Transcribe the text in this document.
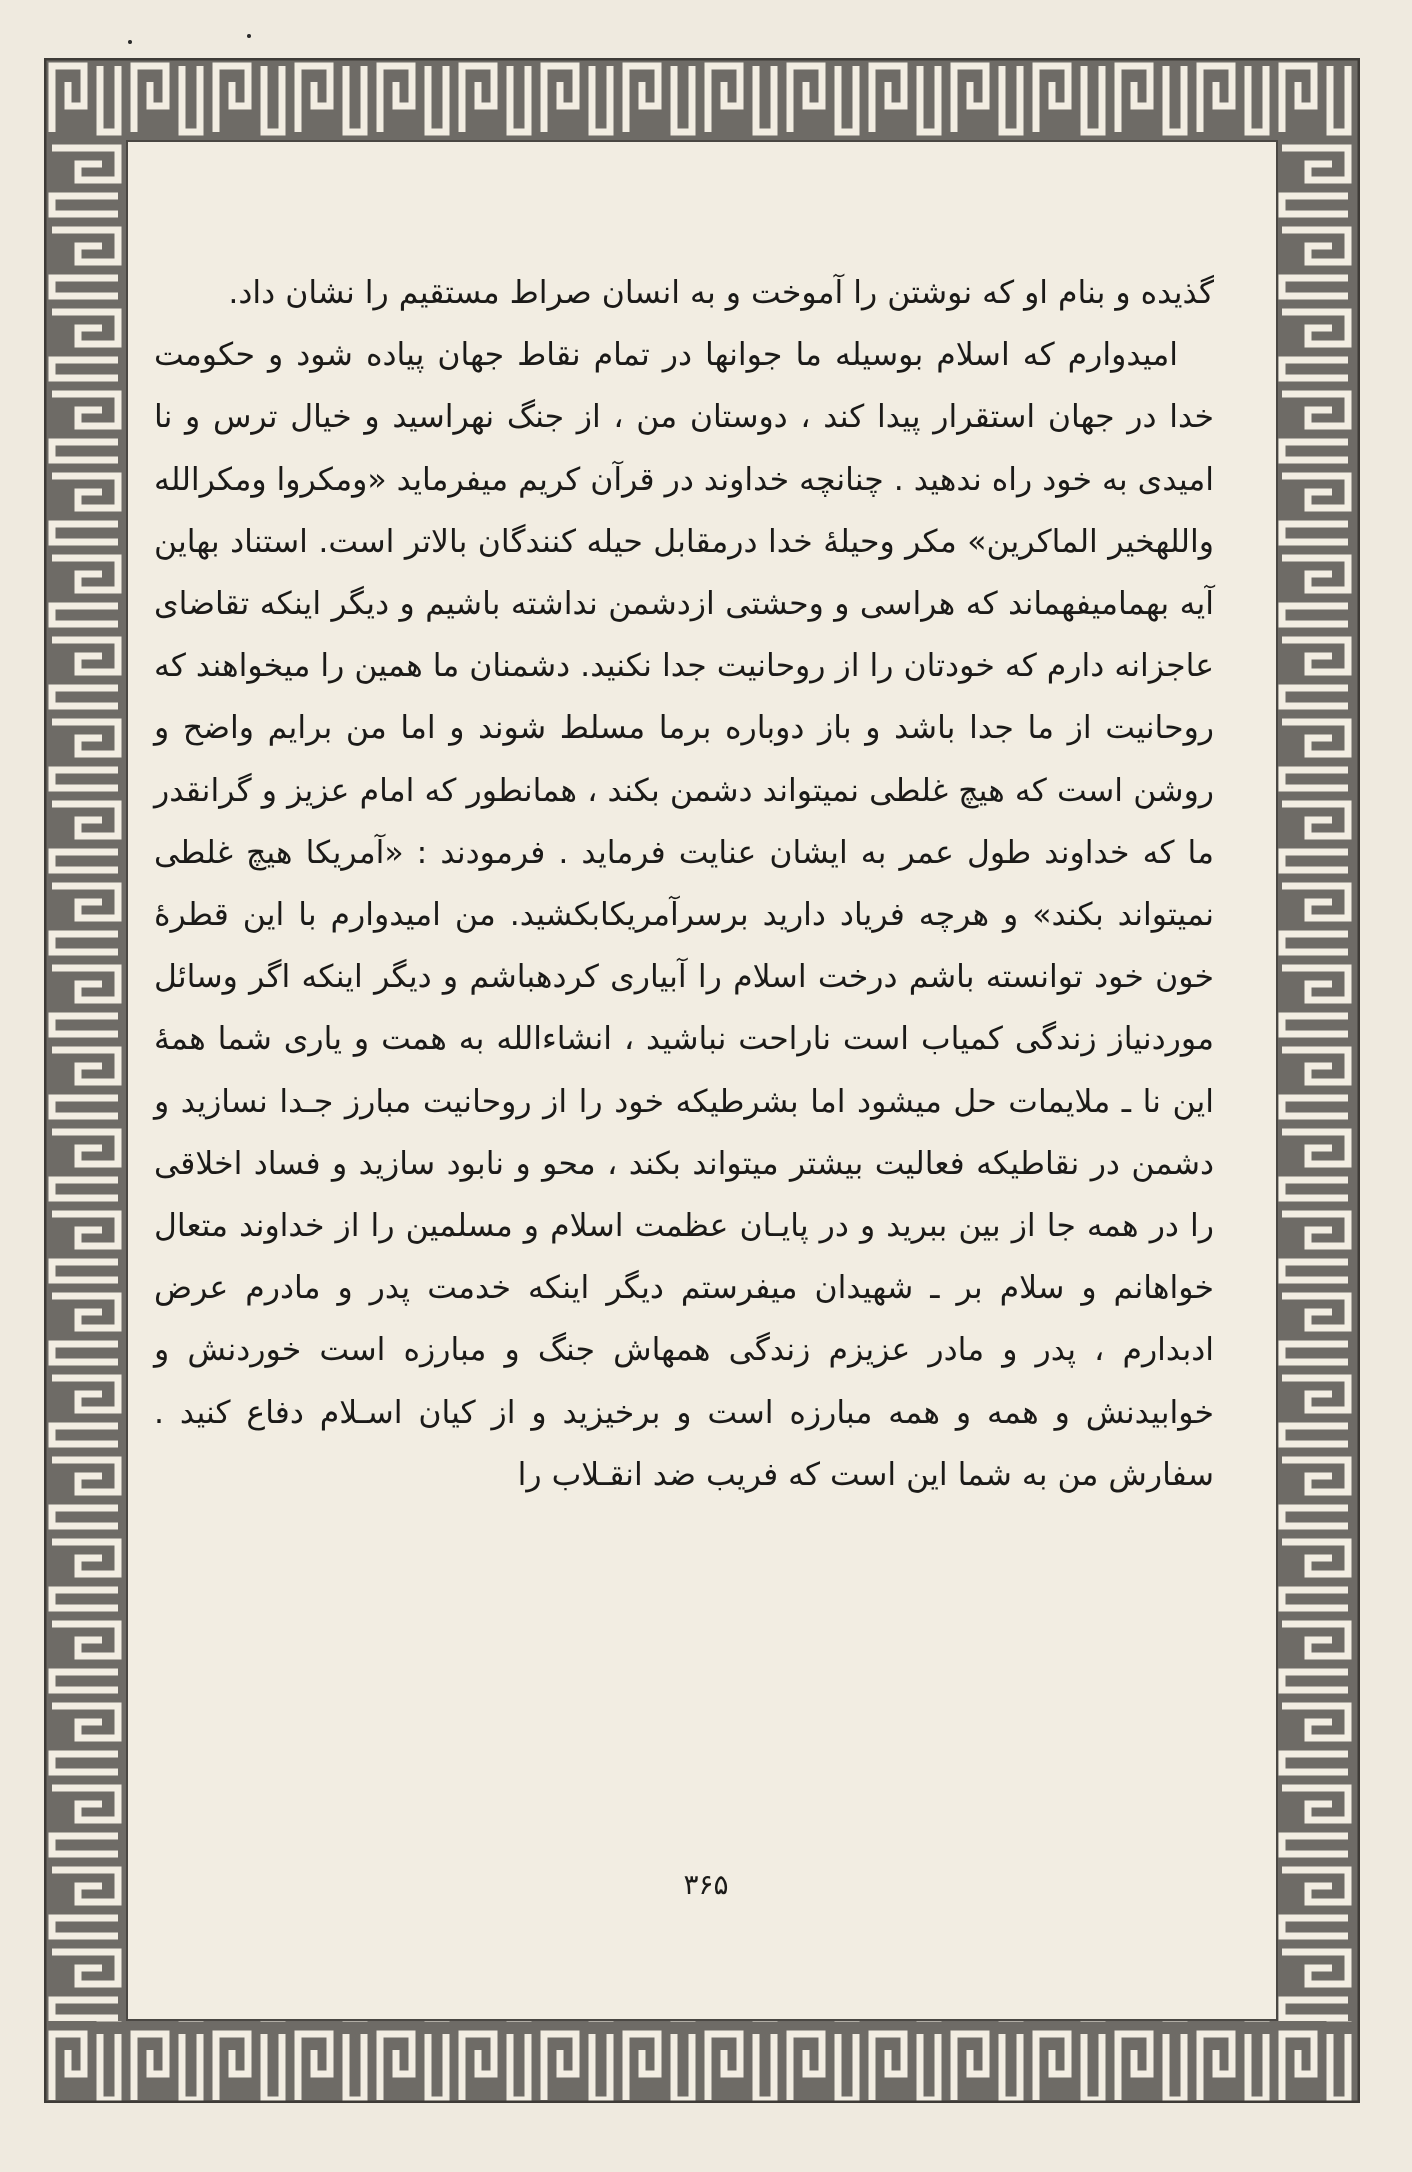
گذیده و بنام او که نوشتن را آموخت و به انسان صراط مستقیم را نشان داد.

امیدوارم که اسلام بوسیله ما جوانها در تمام نقاط جهان پیاده شود و حکومت خدا در جهان استقرار پیدا کند ، دوستان من ، از جنگ نهراسید و خیال ترس و نا امیدی به خود راه ندهید . چنانچه خداوند در قرآن کریم میفرماید «ومکروا ومکرالله واللهخیر الماکرین» مکر وحیلهٔ خدا درمقابل حیله کنندگان بالاتر است. استناد بهاین آیه بهمامیفهماند که هراسی و وحشتی ازدشمن نداشته باشیم و دیگر اینکه تقاضای عاجزانه دارم که خودتان را از روحانیت جدا نکنید. دشمنان ما همین را میخواهند که روحانیت از ما جدا باشد و باز دوباره برما مسلط شوند و اما من برایم واضح و روشن است که هیچ غلطی نمیتواند دشمن بکند ، همانطور که امام عزیز و گرانقدر ما که خداوند طول عمر به ایشان عنایت فرماید . فرمودند : «آمریکا هیچ غلطی نمیتواند بکند» و هرچه فریاد دارید برسرآمریکابکشید. من امیدوارم با این قطرهٔ خون خود توانسته باشم درخت اسلام را آبیاری کردهباشم و دیگر اینکه اگر وسائل موردنیاز زندگی کمیاب است ناراحت نباشید ، انشاءالله به همت و یاری شما همهٔ این نا ـ ملایمات حل میشود اما بشرطیکه خود را از روحانیت مبارز جـدا نسازید و دشمن در نقاطیکه فعالیت بیشتر میتواند بکند ، محو و نابود سازید و فساد اخلاقی را در همه جا از بین ببرید و در پایـان عظمت اسلام و مسلمین را از خداوند متعال خواهانم و سلام بر ـ شهیدان میفرستم دیگر اینکه خدمت پدر و مادرم عرض ادبدارم ، پدر و مادر عزیزم زندگی همهاش جنگ و مبارزه است خوردنش و خوابیدنش و همه و همه مبارزه است و برخیزید و از کیان اسـلام دفاع کنید . سفارش من به شما این است که فریب ضد انقـلاب را

۳۶۵
